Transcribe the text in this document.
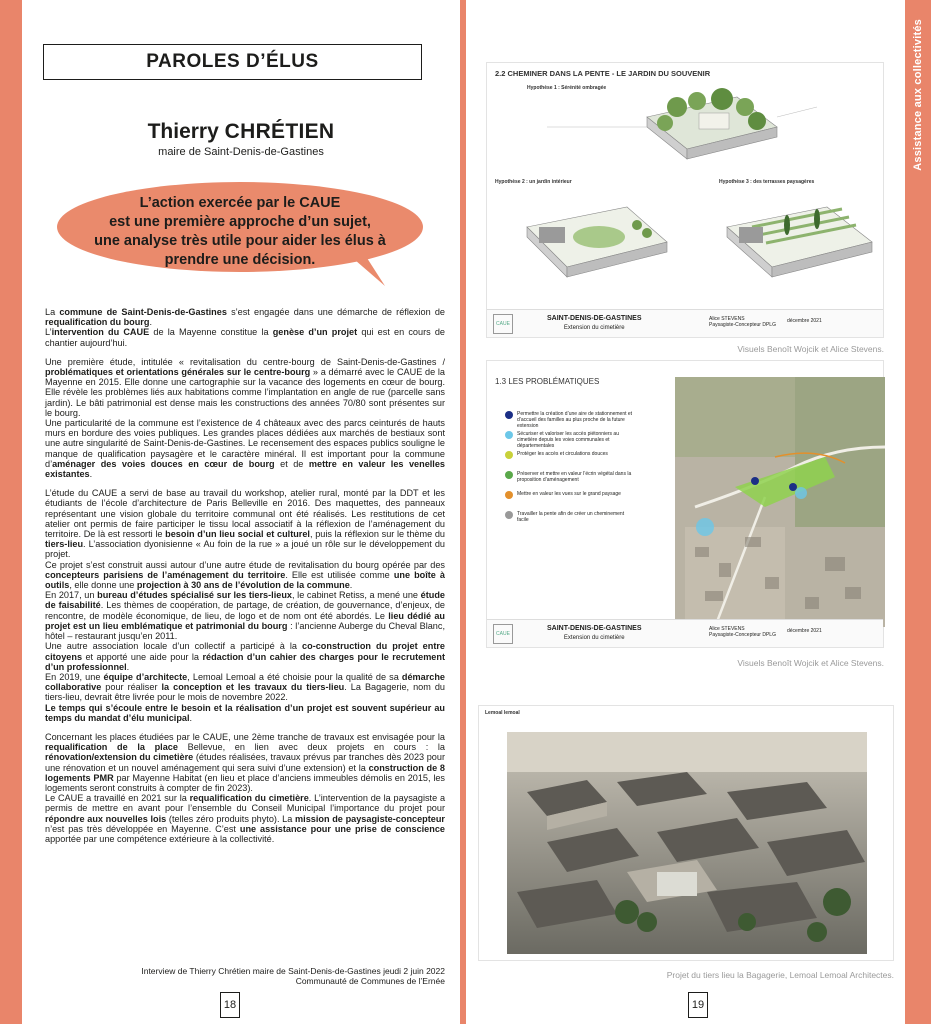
Assistance aux collectivités
PAROLES D’ÉLUS
Thierry CHRÉTIEN
maire de Saint-Denis-de-Gastines
L’action exercée par le CAUE
est une première approche d’un sujet,
une analyse très utile pour aider les élus à
prendre une décision.

La commune de Saint-Denis-de-Gastines s’est engagée dans une démarche de réflexion de requalification du bourg.

L’intervention du CAUE de la Mayenne constitue la genèse d’un projet qui est en cours de chantier aujourd’hui.

Une première étude, intitulée « revitalisation du centre-bourg de Saint-Denis-de-Gastines / problématiques et orientations générales sur le centre-bourg » a démarré avec le CAUE de la Mayenne en 2015. Elle donne une cartographie sur la vacance des logements en cœur de bourg. Elle révèle les problèmes liés aux habitations comme l’implantation en angle de rue (parcelle sans jardin). Le bâti patrimonial est dense mais les constructions des années 70/80 sont présentes sur le bourg.

Une particularité de la commune est l’existence de 4 châteaux avec des parcs ceinturés de hauts murs en bordure des voies publiques. Les grandes places dédiées aux marchés de bestiaux sont une autre singularité de Saint-Denis-de-Gastines. Le recensement des espaces publics souligne le manque de qualification paysagère et le caractère minéral. Il est important pour la commune d’aménager des voies douces en cœur de bourg et de mettre en valeur les venelles existantes.

L’étude du CAUE a servi de base au travail du workshop, atelier rural, monté par la DDT et les étudiants de l’école d’architecture de Paris Belleville en 2016. Des maquettes, des panneaux représentant une vision globale du territoire communal ont été réalisés. Les restitutions de cet atelier ont permis de faire participer le tissu local associatif à la réflexion de l’aménagement du territoire. De là est ressorti le besoin d’un lieu social et culturel, puis la réflexion sur le thème du tiers-lieu. L’association dyonisienne « Au foin de la rue » a joué un rôle sur le développement du projet.

Ce projet s’est construit aussi autour d’une autre étude de revitalisation du bourg opérée par des concepteurs parisiens de l’aménagement du territoire. Elle est utilisée comme une boîte à outils, elle donne une projection à 30 ans de l’évolution de la commune.

En 2017, un bureau d’études spécialisé sur les tiers-lieux, le cabinet Retiss, a mené une étude de faisabilité. Les thèmes de coopération, de partage, de création, de gouvernance, d’enjeux, de rencontre, de modèle économique, de lieu, de logo et de nom ont été abordés. Le lieu dédié au projet est un lieu emblématique et patrimonial du bourg : l’ancienne Auberge du Cheval Blanc, hôtel – restaurant jusqu’en 2011.

Une autre association locale d’un collectif a participé à la co-construction du projet entre citoyens et apporté une aide pour la rédaction d’un cahier des charges pour le recrutement d’un professionnel.

En 2019, une équipe d’architecte, Lemoal Lemoal a été choisie pour la qualité de sa démarche collaborative pour réaliser la conception et les travaux du tiers-lieu. La Bagagerie, nom du tiers-lieu, devrait être livrée pour le mois de novembre 2022.

Le temps qui s’écoule entre le besoin et la réalisation d’un projet est souvent supérieur au temps du mandat d’élu municipal.

Concernant les places étudiées par le CAUE, une 2ème tranche de travaux est envisagée pour la requalification de la place Bellevue, en lien avec deux projets en cours : la rénovation/extension du cimetière (études réalisées, travaux prévus par tranches dès 2023 pour une rénovation et un nouvel aménagement qui sera suivi d’une extension) et la construction de 8 logements PMR par Mayenne Habitat (en lieu et place d’anciens immeubles démolis en 2015, les logements seront construits à compter de fin 2023).

Le CAUE a travaillé en 2021 sur la requalification du cimetière. L’intervention de la paysagiste a permis de mettre en avant pour l’ensemble du Conseil Municipal l’importance du projet pour répondre aux nouvelles lois (telles zéro produits phyto). La mission de paysagiste-concepteur n’est pas très développée en Mayenne. C’est une assistance pour une prise de conscience apportée par une compétence extérieure à la collectivité.

Interview de Thierry Chrétien maire de Saint-Denis-de-Gastines jeudi 2 juin 2022
Communauté de Communes de l’Ernée
18
2.2 CHEMINER DANS LA PENTE - LE JARDIN DU SOUVENIR
Hypothèse 1 : Sérénité ombragée
Hypothèse 2 : un jardin intérieur	Hypothèse 3 : des terrasses paysagères
CAUE
SAINT-DENIS-DE-GASTINES
Extension du cimetière
Alice STEVENS
Paysagiste-Concepteur DPLG
décembre 2021
Visuels Benoît Wojcik et Alice Stevens.
1.3 LES PROBLÉMATIQUES
Permettre la création d’une aire de stationnement et d’accueil des familles au plus proche de la future extension
Sécuriser et valoriser les accès piétonniers au cimetière depuis les voies communales et départementales
Protéger les accès et circulations douces
Préserver et mettre en valeur l’écrin végétal dans la proposition d’aménagement
Mettre en valeur les vues sur le grand paysage
Travailler la pente afin de créer un cheminement facile
CAUE
SAINT-DENIS-DE-GASTINES
Extension du cimetière
Alice STEVENS
Paysagiste-Concepteur DPLG
décembre 2021
Visuels Benoît Wojcik et Alice Stevens.
Lemoal lemoal
Projet du tiers lieu la Bagagerie, Lemoal Lemoal Architectes.
19
